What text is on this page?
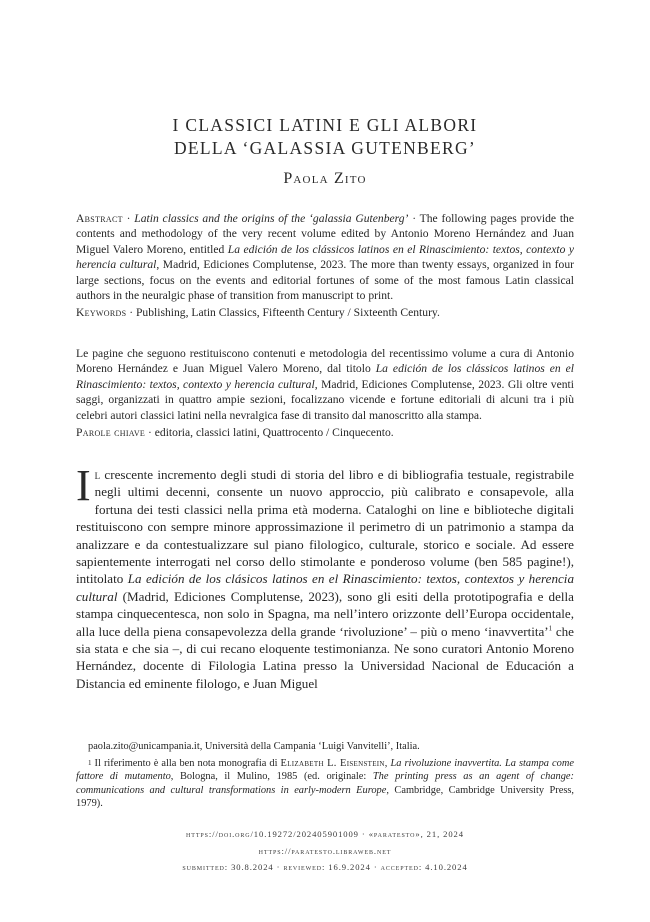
I CLASSICI LATINI E GLI ALBORI
DELLA ‘GALASSIA GUTENBERG’
Paola Zito
Abstract · Latin classics and the origins of the ‘galassia Gutenberg’ · The following pages provide the contents and methodology of the very recent volume edited by Antonio Moreno Hernández and Juan Miguel Valero Moreno, entitled La edición de los clássicos latinos en el Rinascimiento: textos, contexto y herencia cultural, Madrid, Ediciones Complutense, 2023. The more than twenty essays, organized in four large sections, focus on the events and editorial fortunes of some of the most famous Latin classical authors in the neuralgic phase of transition from manuscript to print.
Keywords · Publishing, Latin Classics, Fifteenth Century / Sixteenth Century.
Le pagine che seguono restituiscono contenuti e metodologia del recentissimo volume a cura di Antonio Moreno Hernández e Juan Miguel Valero Moreno, dal titolo La edición de los clássicos latinos en el Rinascimiento: textos, contexto y herencia cultural, Madrid, Ediciones Complutense, 2023. Gli oltre venti saggi, organizzati in quattro ampie sezioni, focalizzano vicende e fortune editoriali di alcuni tra i più celebri autori classici latini nella nevralgica fase di transito dal manoscritto alla stampa.
Parole chiave · editoria, classici latini, Quattrocento / Cinquecento.
Il crescente incremento degli studi di storia del libro e di bibliografia testuale, registrabile negli ultimi decenni, consente un nuovo approccio, più calibrato e consapevole, alla fortuna dei testi classici nella prima età moderna. Cataloghi on line e biblioteche digitali restituiscono con sempre minore approssimazione il perimetro di un patrimonio a stampa da analizzare e da contestualizzare sul piano filologico, culturale, storico e sociale. Ad essere sapientemente interrogati nel corso dello stimolante e ponderoso volume (ben 585 pagine!), intitolato La edición de los clásicos latinos en el Rinascimiento: textos, contextos y herencia cultural (Madrid, Ediciones Complutense, 2023), sono gli esiti della prototipografia e della stampa cinquecentesca, non solo in Spagna, ma nell’intero orizzonte dell’Europa occidentale, alla luce della piena consapevolezza della grande ‘rivoluzione’ – più o meno ‘inavvertita’$^1$ che sia stata e che sia –, di cui recano eloquente testimonianza. Ne sono curatori Antonio Moreno Hernández, docente di Filologia Latina presso la Universidad Nacional de Educación a Distancia ed eminente filologo, e Juan Miguel
paola.zito@unicampania.it, Università della Campania ‘Luigi Vanvitelli’, Italia.
$^1$ Il riferimento è alla ben nota monografia di Elizabeth L. Eisenstein, La rivoluzione inavvertita. La stampa come fattore di mutamento, Bologna, il Mulino, 1985 (ed. originale: The printing press as an agent of change: communications and cultural transformations in early-modern Europe, Cambridge, Cambridge University Press, 1979).
https://doi.org/10.19272/202405901009 · «paratesto», 21, 2024
https://paratesto.libraweb.net
submitted: 30.8.2024 · reviewed: 16.9.2024 · accepted: 4.10.2024
